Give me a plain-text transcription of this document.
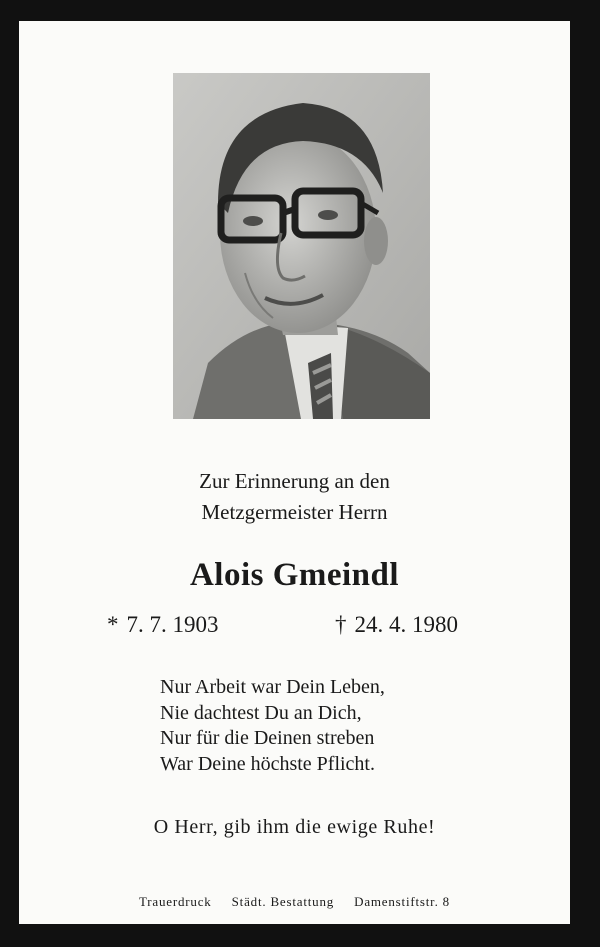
Zur Erinnerung an den
Metzgermeister Herrn
Alois Gmeindl
* 7. 7. 1903	† 24. 4. 1980
Nur Arbeit war Dein Leben,
Nie dachtest Du an Dich,
Nur für die Deinen streben
War Deine höchste Pflicht.
O Herr, gib ihm die ewige Ruhe!
Trauerdruck Städt. Bestattung Damenstiftstr. 8
